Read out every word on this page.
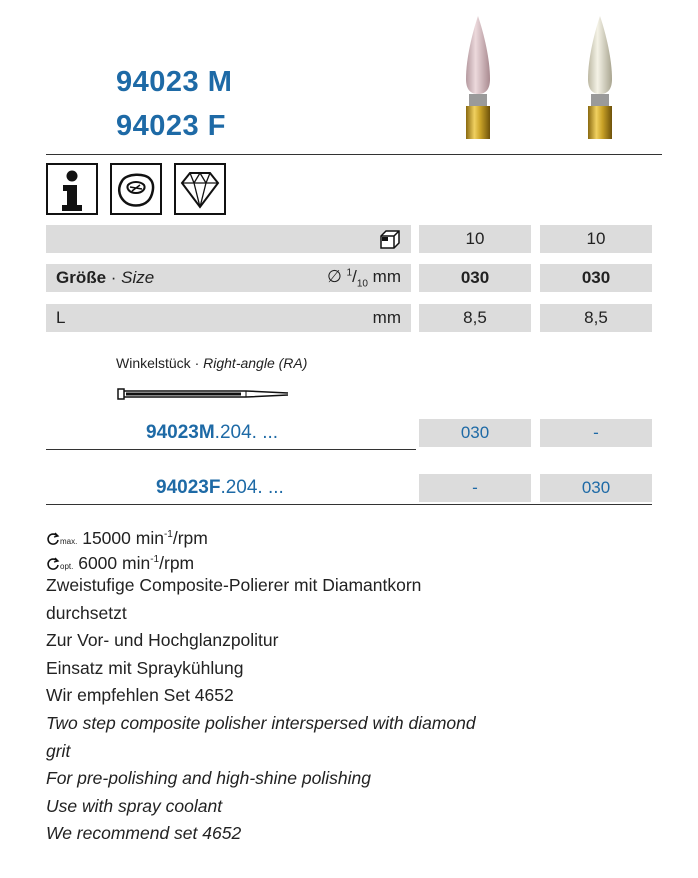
94023 M
94023 F
10	10
Größe · Size	∅ $^1/_{10}$ mm	030	030
L	mm	8,5	8,5
Winkelstück · Right-angle (RA)
94023M.204. ...	030	-
94023F.204. ...	-	030
max. 15000 $\min^{-1}$/rpm
opt. 6000 $\min^{-1}$/rpm
Zweistufige Composite-Polierer mit Diamantkorn
durchsetzt
Zur Vor- und Hochglanzpolitur
Einsatz mit Spraykühlung
Wir empfehlen Set 4652
Two step composite polisher interspersed with diamond
grit
For pre-polishing and high-shine polishing
Use with spray coolant
We recommend set 4652
